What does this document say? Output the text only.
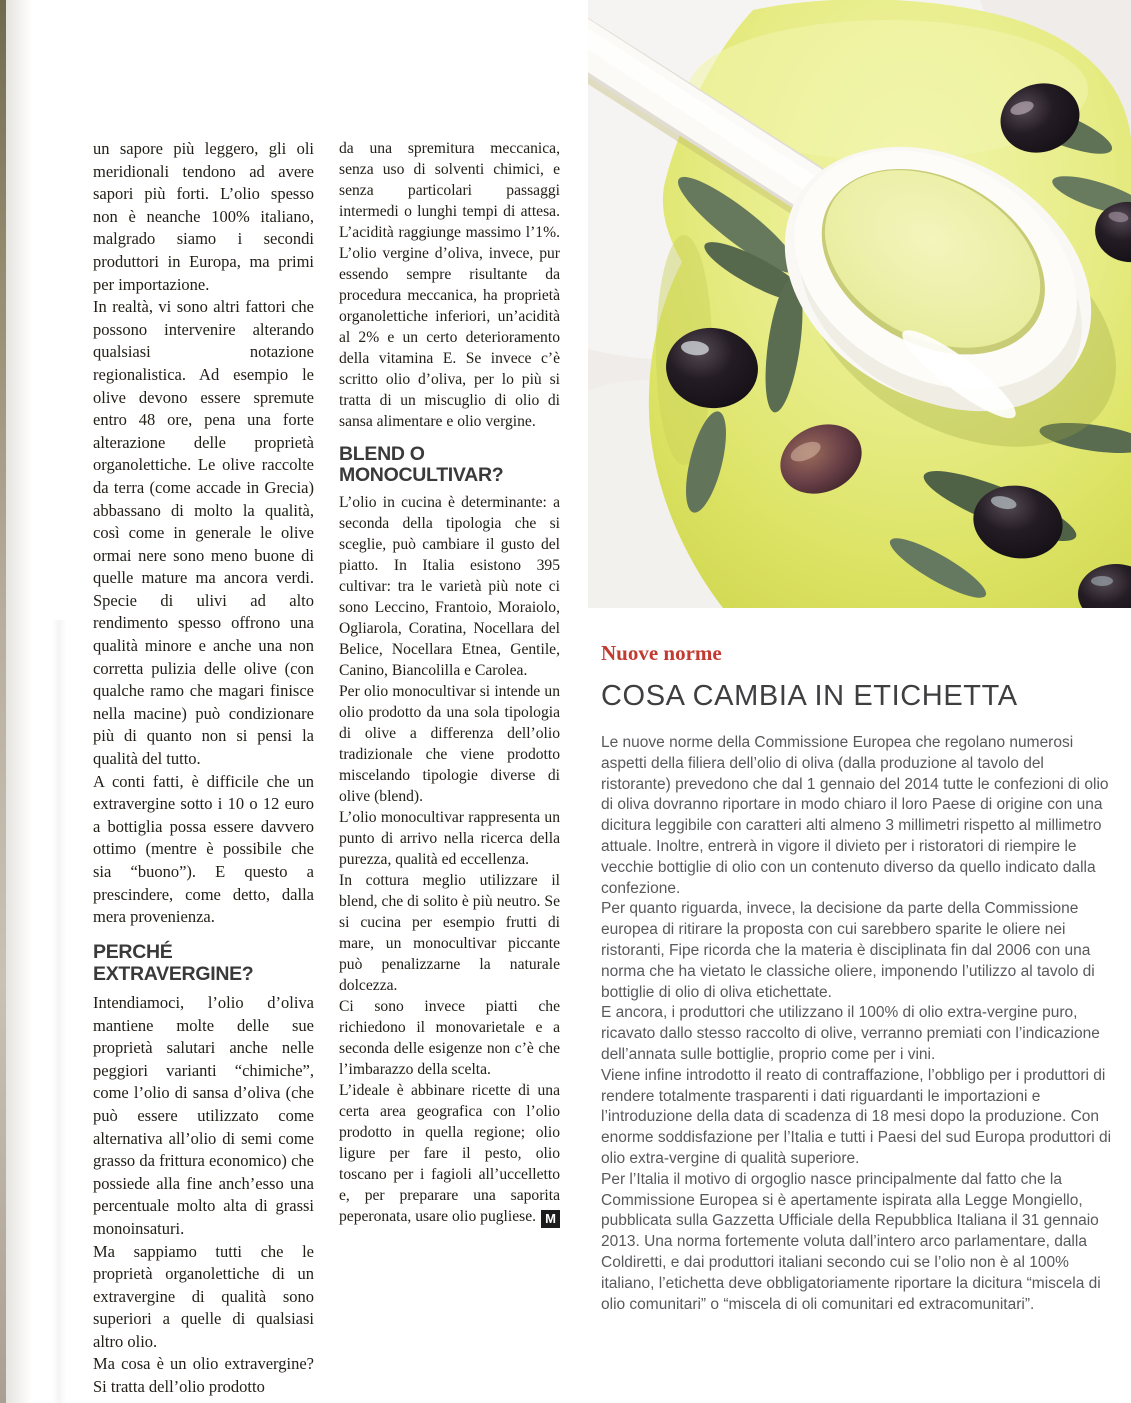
un sapore più leggero, gli oli meridionali tendono ad avere sapori più forti. L’olio spesso non è neanche 100% italiano, malgrado siamo i secondi produttori in Europa, ma primi per importazione.

In realtà, vi sono altri fattori che possono intervenire alterando qualsiasi notazione regionalistica. Ad esempio le olive devono essere spremute entro 48 ore, pena una forte alterazione delle proprietà organolettiche. Le olive raccolte da terra (come accade in Grecia) abbassano di molto la qualità, così come in generale le olive ormai nere sono meno buone di quelle mature ma ancora verdi. Specie di ulivi ad alto rendimento spesso offrono una qualità minore e anche una non corretta pulizia delle olive (con qualche ramo che magari finisce nella macine) può condizionare più di quanto non si pensi la qualità del tutto.

A conti fatti, è difficile che un extravergine sotto i 10 o 12 euro a bottiglia possa essere davvero ottimo (mentre è possibile che sia “buono”). E questo a prescindere, come detto, dalla mera provenienza.

PERCHÉ EXTRAVERGINE?

Intendiamoci, l’olio d’oliva mantiene molte delle sue proprietà salutari anche nelle peggiori varianti “chimiche”, come l’olio di sansa d’oliva (che può essere utilizzato come alternativa all’olio di semi come grasso da frittura economico) che possiede alla fine anch’esso una percentuale molto alta di grassi monoinsaturi.

Ma sappiamo tutti che le proprietà organolettiche di un extravergine di qualità sono superiori a quelle di qualsiasi altro olio.

Ma cosa è un olio extravergine? Si tratta dell’olio prodotto

da una spremitura meccanica, senza uso di solventi chimici, e senza particolari passaggi intermedi o lunghi tempi di attesa. L’acidità raggiunge massimo l’1%. L’olio vergine d’oliva, invece, pur essendo sempre risultante da procedura meccanica, ha proprietà organolettiche inferiori, un’acidità al 2% e un certo deterioramento della vitamina E. Se invece c’è scritto olio d’oliva, per lo più si tratta di un miscuglio di olio di sansa alimentare e olio vergine.

BLEND O MONOCULTIVAR?

L’olio in cucina è determinante: a seconda della tipologia che si sceglie, può cambiare il gusto del piatto. In Italia esistono 395 cultivar: tra le varietà più note ci sono Leccino, Frantoio, Moraiolo, Ogliarola, Coratina, Nocellara del Belice, Nocellara Etnea, Gentile, Canino, Biancolilla e Carolea.

Per olio monocultivar si intende un olio prodotto da una sola tipologia di olive a differenza dell’olio tradizionale che viene prodotto miscelando tipologie diverse di olive (blend).

L’olio monocultivar rappresenta un punto di arrivo nella ricerca della purezza, qualità ed eccellenza.

In cottura meglio utilizzare il blend, che di solito è più neutro. Se si cucina per esempio frutti di mare, un monocultivar piccante può penalizzarne la naturale dolcezza.

Ci sono invece piatti che richiedono il monovarietale e a seconda delle esigenze non c’è che l’imbarazzo della scelta.

L’ideale è abbinare ricette di una certa area geografica con l’olio prodotto in quella regione; olio ligure per fare il pesto, olio toscano per i fagioli all’uccelletto e, per preparare una saporita peperonata, usare olio pugliese. M

Nuove norme

COSA CAMBIA IN ETICHETTA

Le nuove norme della Commissione Europea che regolano numerosi aspetti della filiera dell’olio di oliva (dalla produzione al tavolo del ristorante) prevedono che dal 1 gennaio del 2014 tutte le confezioni di olio di oliva dovranno riportare in modo chiaro il loro Paese di origine con una dicitura leggibile con caratteri alti almeno 3 millimetri rispetto al millimetro attuale. Inoltre, entrerà in vigore il divieto per i ristoratori di riempire le vecchie bottiglie di olio con un contenuto diverso da quello indicato dalla confezione.

Per quanto riguarda, invece, la decisione da parte della Commissione europea di ritirare la proposta con cui sarebbero sparite le oliere nei ristoranti, Fipe ricorda che la materia è disciplinata fin dal 2006 con una norma che ha vietato le classiche oliere, imponendo l’utilizzo al tavolo di bottiglie di olio di oliva etichettate.

E ancora, i produttori che utilizzano il 100% di olio extra-vergine puro, ricavato dallo stesso raccolto di olive, verranno premiati con l’indicazione dell’annata sulle bottiglie, proprio come per i vini.

Viene infine introdotto il reato di contraffazione, l’obbligo per i produttori di rendere totalmente trasparenti i dati riguardanti le importazioni e l’introduzione della data di scadenza di 18 mesi dopo la produzione. Con enorme soddisfazione per l’Italia e tutti i Paesi del sud Europa produttori di olio extra-vergine di qualità superiore.

Per l’Italia il motivo di orgoglio nasce principalmente dal fatto che la Commissione Europea si è apertamente ispirata alla Legge Mongiello, pubblicata sulla Gazzetta Ufficiale della Repubblica Italiana il 31 gennaio 2013. Una norma fortemente voluta dall’intero arco parlamentare, dalla Coldiretti, e dai produttori italiani secondo cui se l’olio non è al 100% italiano, l’etichetta deve obbligatoriamente riportare la dicitura “miscela di olio comunitari” o “miscela di oli comunitari ed extracomunitari”.
